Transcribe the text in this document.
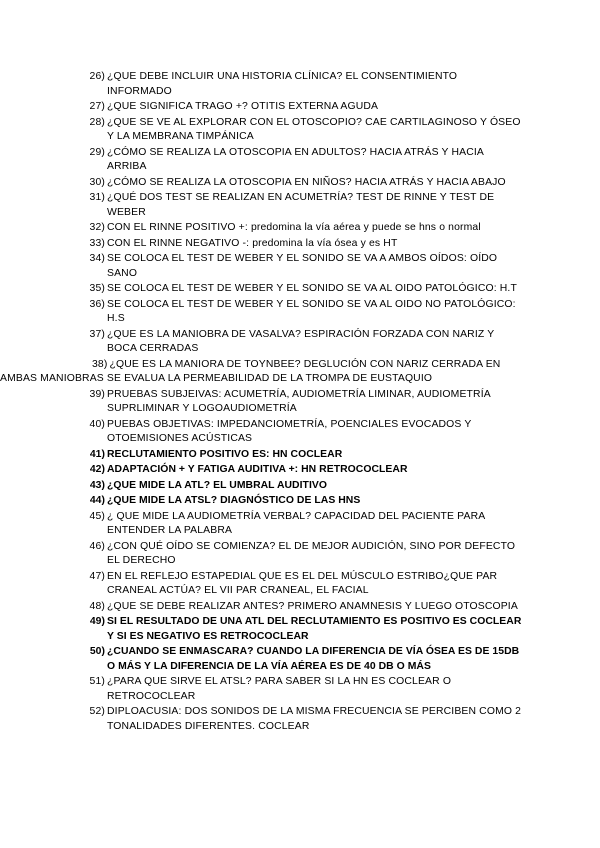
26) ¿QUE DEBE INCLUIR UNA HISTORIA CLÍNICA? EL CONSENTIMIENTO INFORMADO
27) ¿QUE SIGNIFICA TRAGO +? OTITIS EXTERNA AGUDA
28) ¿QUE SE VE AL EXPLORAR CON EL OTOSCOPIO? CAE CARTILAGINOSO Y ÓSEO Y LA MEMBRANA TIMPÁNICA
29) ¿CÓMO SE REALIZA LA OTOSCOPIA EN ADULTOS? HACIA ATRÁS Y HACIA ARRIBA
30) ¿CÓMO SE REALIZA LA OTOSCOPIA EN NIÑOS? HACIA ATRÁS Y HACIA ABAJO
31) ¿QUÉ DOS TEST SE REALIZAN EN ACUMETRÍA? TEST DE RINNE Y TEST DE WEBER
32) CON EL RINNE POSITIVO +: predomina la vía aérea y puede se hns o normal
33) CON EL RINNE NEGATIVO -: predomina la vía ósea y es HT
34) SE COLOCA EL TEST DE WEBER Y EL SONIDO SE VA A AMBOS OÍDOS: OÍDO SANO
35) SE COLOCA EL TEST DE WEBER Y EL SONIDO SE VA AL OIDO PATOLÓGICO: H.T
36) SE COLOCA EL TEST DE WEBER Y EL SONIDO SE VA AL OIDO NO PATOLÓGICO: H.S
37) ¿QUE ES LA MANIOBRA DE VASALVA? ESPIRACIÓN FORZADA CON NARIZ Y BOCA CERRADAS
38) ¿QUE ES LA MANIORA DE TOYNBEE? DEGLUCIÓN CON NARIZ CERRADA EN AMBAS MANIOBRAS SE EVALUA LA PERMEABILIDAD DE LA TROMPA DE EUSTAQUIO
39) PRUEBAS SUBJEIVAS: ACUMETRÍA, AUDIOMETRÍA LIMINAR, AUDIOMETRÍA SUPRLIMINAR Y LOGOAUDIOMETRÍA
40) PUEBAS OBJETIVAS: IMPEDANCIOMETRÍA, POENCIALES EVOCADOS Y OTOEMISIONES ACÚSTICAS
41) RECLUTAMIENTO POSITIVO ES: HN COCLEAR
42) ADAPTACIÓN + Y FATIGA AUDITIVA +: HN RETROCOCLEAR
43) ¿QUE MIDE LA ATL? EL UMBRAL AUDITIVO
44) ¿QUE MIDE LA ATSL? DIAGNÓSTICO DE LAS HNS
45) ¿ QUE MIDE LA AUDIOMETRÍA VERBAL? CAPACIDAD DEL PACIENTE PARA ENTENDER LA PALABRA
46) ¿CON QUÉ OÍDO SE COMIENZA? EL DE MEJOR AUDICIÓN, SINO POR DEFECTO EL DERECHO
47) EN EL REFLEJO ESTAPEDIAL QUE ES EL DEL MÚSCULO ESTRIBO¿QUE PAR CRANEAL ACTÚA? EL VII PAR CRANEAL, EL FACIAL
48) ¿QUE SE DEBE REALIZAR ANTES? PRIMERO ANAMNESIS Y LUEGO OTOSCOPIA
49) SI EL RESULTADO DE UNA ATL DEL RECLUTAMIENTO ES POSITIVO ES COCLEAR Y SI ES NEGATIVO ES RETROCOCLEAR
50) ¿CUANDO SE ENMASCARA? CUANDO LA DIFERENCIA DE VÍA ÓSEA ES DE 15DB O MÁS Y LA DIFERENCIA DE LA VÍA AÉREA ES DE 40 DB O MÁS
51) ¿PARA QUE SIRVE EL ATSL? PARA SABER SI LA HN ES COCLEAR O RETROCOCLEAR
52) DIPLOACUSIA: DOS SONIDOS DE LA MISMA FRECUENCIA SE PERCIBEN COMO 2 TONALIDADES DIFERENTES. COCLEAR
